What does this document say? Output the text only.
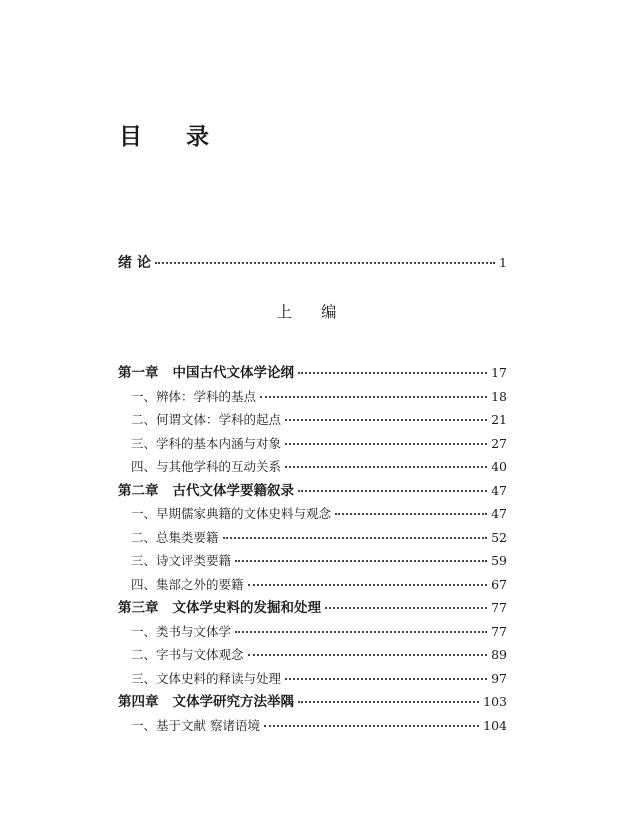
目 录
绪 论	1
上 编
第一章 中国古代文体学论纲	17
一、辨体：学科的基点	18
二、何谓文体：学科的起点	21
三、学科的基本内涵与对象	27
四、与其他学科的互动关系	40
第二章 古代文体学要籍叙录	47
一、早期儒家典籍的文体史料与观念	47
二、总集类要籍	52
三、诗文评类要籍	59
四、集部之外的要籍	67
第三章 文体学史料的发掘和处理	77
一、类书与文体学	77
二、字书与文体观念	89
三、文体史料的释读与处理	97
第四章 文体学研究方法举隅	103
一、基于文献 察诸语境	104
